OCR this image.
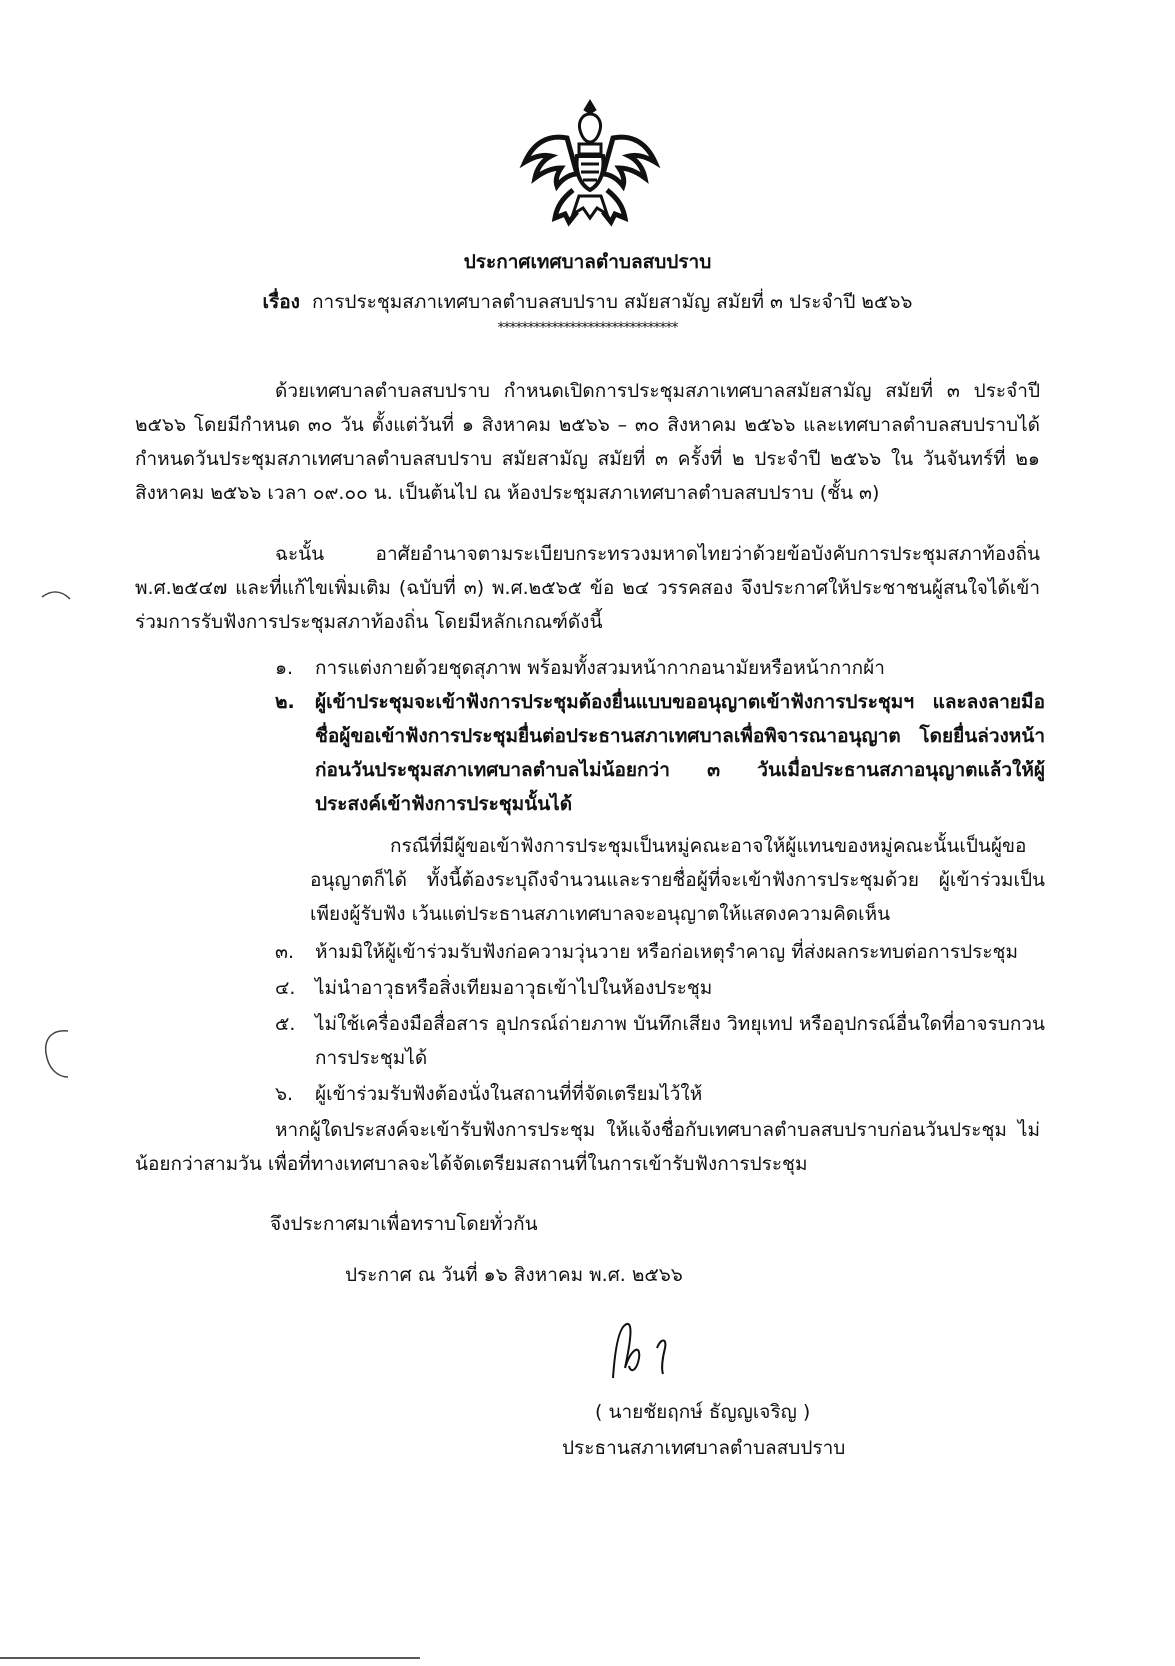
ประกาศเทศบาลตำบลสบปราบ
เรื่อง การประชุมสภาเทศบาลตำบลสบปราบ สมัยสามัญ สมัยที่ ๓ ประจำปี ๒๕๖๖
******************************
ด้วยเทศบาลตำบลสบปราบ กำหนดเปิดการประชุมสภาเทศบาลสมัยสามัญ สมัยที่ ๓ ประจำปี ๒๕๖๖ โดยมีกำหนด ๓๐ วัน ตั้งแต่วันที่ ๑ สิงหาคม ๒๕๖๖ – ๓๐ สิงหาคม ๒๕๖๖ และเทศบาลตำบลสบปราบได้กำหนดวันประชุมสภาเทศบาลตำบลสบปราบ สมัยสามัญ สมัยที่ ๓ ครั้งที่ ๒ ประจำปี ๒๕๖๖ ใน วันจันทร์ที่ ๒๑ สิงหาคม ๒๕๖๖ เวลา ๐๙.๐๐ น. เป็นต้นไป ณ ห้องประชุมสภาเทศบาลตำบลสบปราบ (ชั้น ๓)
ฉะนั้น อาศัยอำนาจตามระเบียบกระทรวงมหาดไทยว่าด้วยข้อบังคับการประชุมสภาท้องถิ่น พ.ศ.๒๕๔๗ และที่แก้ไขเพิ่มเติม (ฉบับที่ ๓) พ.ศ.๒๕๖๕ ข้อ ๒๔ วรรคสอง จึงประกาศให้ประชาชนผู้สนใจได้เข้าร่วมการรับฟังการประชุมสภาท้องถิ่น โดยมีหลักเกณฑ์ดังนี้
๑.	การแต่งกายด้วยชุดสุภาพ พร้อมทั้งสวมหน้ากากอนามัยหรือหน้ากากผ้า
๒.	ผู้เข้าประชุมจะเข้าฟังการประชุมต้องยื่นแบบขออนุญาตเข้าฟังการประชุมฯ และลงลายมือชื่อผู้ขอเข้าฟังการประชุมยื่นต่อประธานสภาเทศบาลเพื่อพิจารณาอนุญาต โดยยื่นล่วงหน้าก่อนวันประชุมสภาเทศบาลตำบลไม่น้อยกว่า ๓ วันเมื่อประธานสภาอนุญาตแล้วให้ผู้ประสงค์เข้าฟังการประชุมนั้นได้
กรณีที่มีผู้ขอเข้าฟังการประชุมเป็นหมู่คณะอาจให้ผู้แทนของหมู่คณะนั้นเป็นผู้ขออนุญาตก็ได้ ทั้งนี้ต้องระบุถึงจำนวนและรายชื่อผู้ที่จะเข้าฟังการประชุมด้วย ผู้เข้าร่วมเป็นเพียงผู้รับฟัง เว้นแต่ประธานสภาเทศบาลจะอนุญาตให้แสดงความคิดเห็น
๓.	ห้ามมิให้ผู้เข้าร่วมรับฟังก่อความวุ่นวาย หรือก่อเหตุรำคาญ ที่ส่งผลกระทบต่อการประชุม
๔.	ไม่นำอาวุธหรือสิ่งเทียมอาวุธเข้าไปในห้องประชุม
๕.	ไม่ใช้เครื่องมือสื่อสาร อุปกรณ์ถ่ายภาพ บันทึกเสียง วิทยุเทป หรืออุปกรณ์อื่นใดที่อาจรบกวนการประชุมได้
๖.	ผู้เข้าร่วมรับฟังต้องนั่งในสถานที่ที่จัดเตรียมไว้ให้
หากผู้ใดประสงค์จะเข้ารับฟังการประชุม ให้แจ้งชื่อกับเทศบาลตำบลสบปราบก่อนวันประชุม ไม่น้อยกว่าสามวัน เพื่อที่ทางเทศบาลจะได้จัดเตรียมสถานที่ในการเข้ารับฟังการประชุม
จึงประกาศมาเพื่อทราบโดยทั่วกัน
ประกาศ ณ วันที่ ๑๖ สิงหาคม พ.ศ. ๒๕๖๖
( นายชัยฤกษ์ ธัญญเจริญ )
ประธานสภาเทศบาลตำบลสบปราบ
